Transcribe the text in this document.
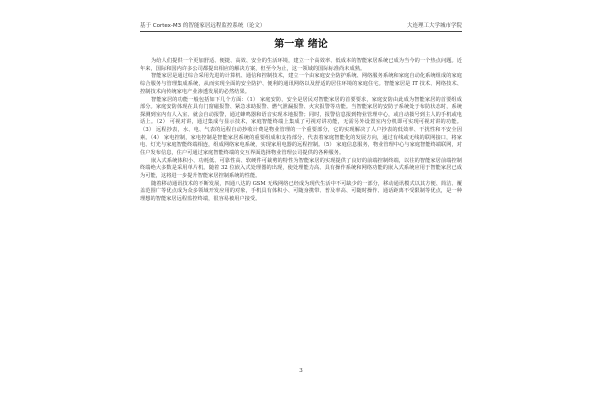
基于 Cortex-M3 的智能家居远程监控系统（论文）	大连理工大学城市学院
第一章 绪论

为给人们提供一个更加舒适、便捷、高效、安全的生活环境，建立一个高效率、低成本的智能家居系统已成为当今的一个热点问题。近年来，国际和国内许多公司都提出相应的解决方案，但至今为止，这一领域的国际标准尚未成熟。

智能家居是通过综合采用先进的计算机、通信和控制技术，建立一个由家庭安全防护系统、网络服务系统和家庭自动化系统组成的家庭综合服务与管理集成系统，从而实现全面的安全防护、便利的通讯网络以及舒适的居住环境的家庭住宅。智能家居是 IT 技术、网络技术、控制技术向传统家电产业渗透发展的必然结果。

智能家居的功能一般包括如下几个方面：（1） 家庭安防，安全是居民对智能家居的首要要求，家庭安防由此成为智能家居的首要组成部分。家庭安防体现在具有门窗磁报警、紧急求助报警、燃气泄漏报警、火灾报警等功能。当智能家居的安防子系统处于布防状态时，系统探测到室内有人入室、就会自动报警，通过蜂鸣器和语音实现本地报警；同时，报警信息报到物业管理中心，或自动拨号到主人的手机或电话上。（2） 可视对讲，通过集成与显示技术，家庭智能终端上集成了可视对讲功能，无需另外设置室内分机即可实现可视对讲的功能。（3） 远程抄表，水、电、气表的远程自动抄收计费是物业管理的一个重要部分，它的实现解决了人户抄表的低效率、干扰性和不安全因素。（4） 家电控制，家电控制是智能家居系统的重要组成和支持部分，代表着家庭智能化的发展方向，通过有线或无线的联网接口，将家电、灯光与家庭智能终端相连，组成网络家电系统，实现家用电器的远程控制。（5） 家庭信息服务，物业管理中心与家庭智能终端联网，对住户发布信息，住户可通过家庭智能终端的交互界面选择物业管理公司提供的各种服务。

嵌入式系统体积小、功耗低、可靠性高、软硬件可裁剪的特性为智能家居的实现提供了良好的前端控制终端，以往的智能家居前端控制终端绝大多数是采用单片机。随着 32 位嵌入式处理器的出现，使处理能力高、具有操作系统和网络功能的嵌入式系统应用于智能家居已成为可能，这将进一步提升智能家居控制系统的性能。

随着移动通讯技术的不断发展，四通八达的 GSM 无线网络已经成为现代生活中不可缺少的一部分，移动通讯模式以其方便、简洁、覆盖范围广等优点成为众多领域开发应用的对象，手机具有体积小、可随身携带、普及率高、可随时操作、通话距离不受限制等优点，是一种理想的智能家居远程监控终端，很容易被用户接受。

3
